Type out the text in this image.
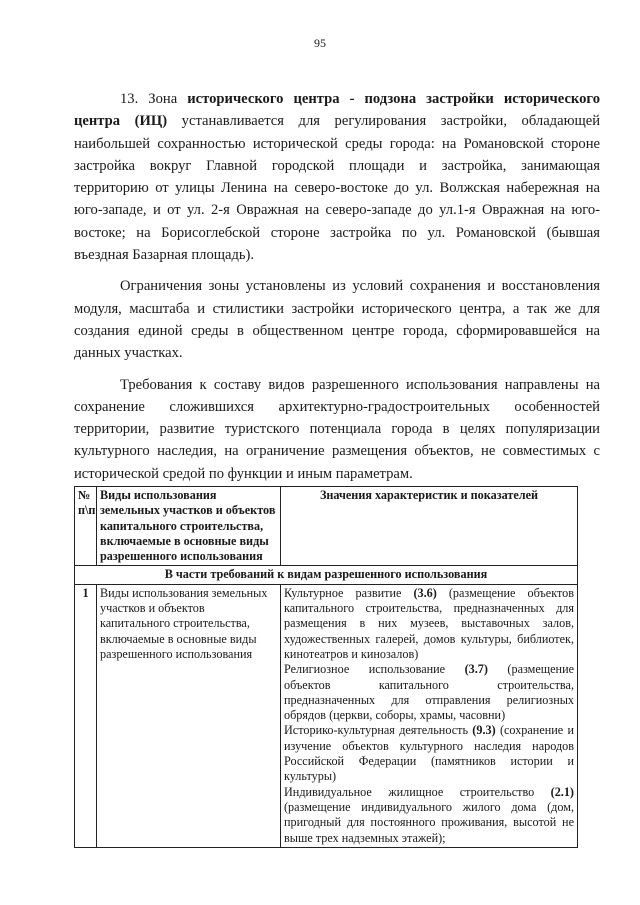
95

13. Зона исторического центра - подзона застройки исторического центра (ИЦ) устанавливается для регулирования застройки, обладающей наибольшей сохранностью исторической среды города: на Романовской стороне застройка вокруг Главной городской площади и застройка, занимающая территорию от улицы Ленина на северо-востоке до ул. Волжская набережная на юго-западе, и от ул. 2-я Овражная на северо-западе до ул.1-я Овражная на юго-востоке; на Борисоглебской стороне застройка по ул. Романовской (бывшая въездная Базарная площадь).

Ограничения зоны установлены из условий сохранения и восстановления модуля, масштаба и стилистики застройки исторического центра, а так же для создания единой среды в общественном центре города, сформировавшейся на данных участках.

Требования к составу видов разрешенного использования направлены на сохранение сложившихся архитектурно-градостроительных особенностей территории, развитие туристского потенциала города в целях популяризации культурного наследия, на ограничение размещения объектов, не совместимых с исторической средой по функции и иным параметрам.

№ п\п	Виды использования земельных участков и объектов капитального строительства, включаемые в основные виды разрешенного использования	Значения характеристик и показателей
В части требований к видам разрешенного использования		
1	Виды использования земельных участков и объектов капитального строительства, включаемые в основные виды разрешенного использования	Культурное развитие (3.6) (размещение объектов капитального строительства, предназначенных для размещения в них музеев, выставочных залов, художественных галерей, домов культуры, библиотек, кинотеатров и кинозалов)

Религиозное использование (3.7) (размещение объектов капитального строительства, предназначенных для отправления религиозных обрядов (церкви, соборы, храмы, часовни)

Историко-культурная деятельность (9.3) (сохранение и изучение объектов культурного наследия народов Российской Федерации (памятников истории и культуры)

Индивидуальное жилищное строительство (2.1) (размещение индивидуального жилого дома (дом, пригодный для постоянного проживания, высотой не выше трех надземных этажей);
